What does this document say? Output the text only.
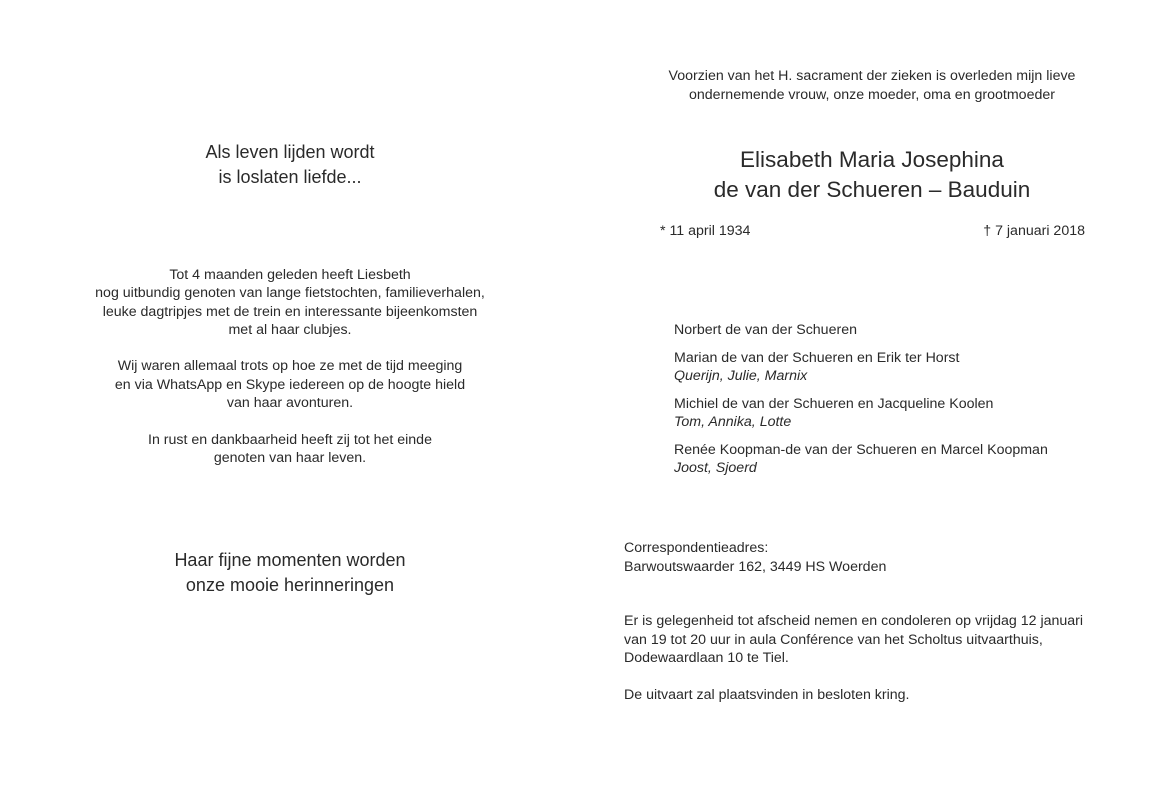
Als leven lijden wordt
is loslaten liefde...
Tot 4 maanden geleden heeft Liesbeth
nog uitbundig genoten van lange fietstochten, familieverhalen,
leuke dagtripjes met de trein en interessante bijeenkomsten
met al haar clubjes.
Wij waren allemaal trots op hoe ze met de tijd meeging
en via WhatsApp en Skype iedereen op de hoogte hield
van haar avonturen.
In rust en dankbaarheid heeft zij tot het einde
genoten van haar leven.
Haar fijne momenten worden
onze mooie herinneringen
Voorzien van het H. sacrament der zieken is overleden mijn lieve
ondernemende vrouw, onze moeder, oma en grootmoeder
Elisabeth Maria Josephina
de van der Schueren – Bauduin
* 11 april 1934	† 7 januari 2018
Norbert de van der Schueren
Marian de van der Schueren en Erik ter Horst
Querijn, Julie, Marnix
Michiel de van der Schueren en Jacqueline Koolen
Tom, Annika, Lotte
Renée Koopman-de van der Schueren en Marcel Koopman
Joost, Sjoerd
Correspondentieadres:
Barwoutswaarder 162, 3449 HS Woerden
Er is gelegenheid tot afscheid nemen en condoleren op vrijdag 12 januari
van 19 tot 20 uur in aula Conférence van het Scholtus uitvaarthuis,
Dodewaardlaan 10 te Tiel.
De uitvaart zal plaatsvinden in besloten kring.
